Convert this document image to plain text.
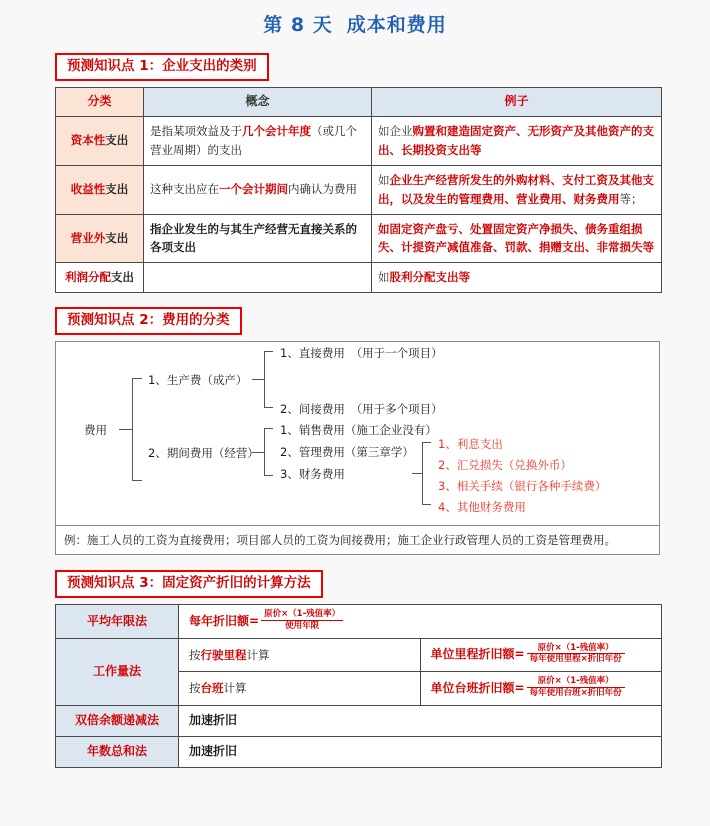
第 8 天 成本和费用
预测知识点 1：企业支出的类别
分类	概念	例子
资本性支出	是指某项效益及于几个会计年度（或几个营业周期）的支出	如企业购置和建造固定资产、无形资产及其他资产的支出、长期投资支出等
收益性支出	这种支出应在一个会计期间内确认为费用	如企业生产经营所发生的外购材料、支付工资及其他支出，以及发生的管理费用、营业费用、财务费用等；
营业外支出	指企业发生的与其生产经营无直接关系的各项支出	如固定资产盘亏、处置固定资产净损失、债务重组损失、计提资产减值准备、罚款、捐赠支出、非常损失等
利润分配支出		如股利分配支出等
预测知识点 2：费用的分类
费用
1、生产费（成产）
1、直接费用　（用于一个项目）
2、间接费用　（用于多个项目）
2、期间费用（经营）
1、销售费用（施工企业没有）
2、管理费用（第三章学）
3、财务费用
1、利息支出
2、汇兑损失（兑换外币）
3、相关手续（银行各种手续费）
4、其他财务费用
例：施工人员的工资为直接费用；项目部人员的工资为间接费用；施工企业行政管理人员的工资是管理费用。
预测知识点 3：固定资产折旧的计算方法
平均年限法	每年折旧额= $\frac{\text{原价×（1-残值率）}}{\text{使用年限}}$

工作量法	按行驶里程计算	单位里程折旧额= $\frac{\text{原价×（1-残值率）}}{\text{每年使用里程×折旧年份}}$

	按台班计算	单位台班折旧额= $\frac{\text{原价×（1-残值率）}}{\text{每年使用台班×折旧年份}}$

双倍余额递减法	加速折旧	
年数总和法	加速折旧	
